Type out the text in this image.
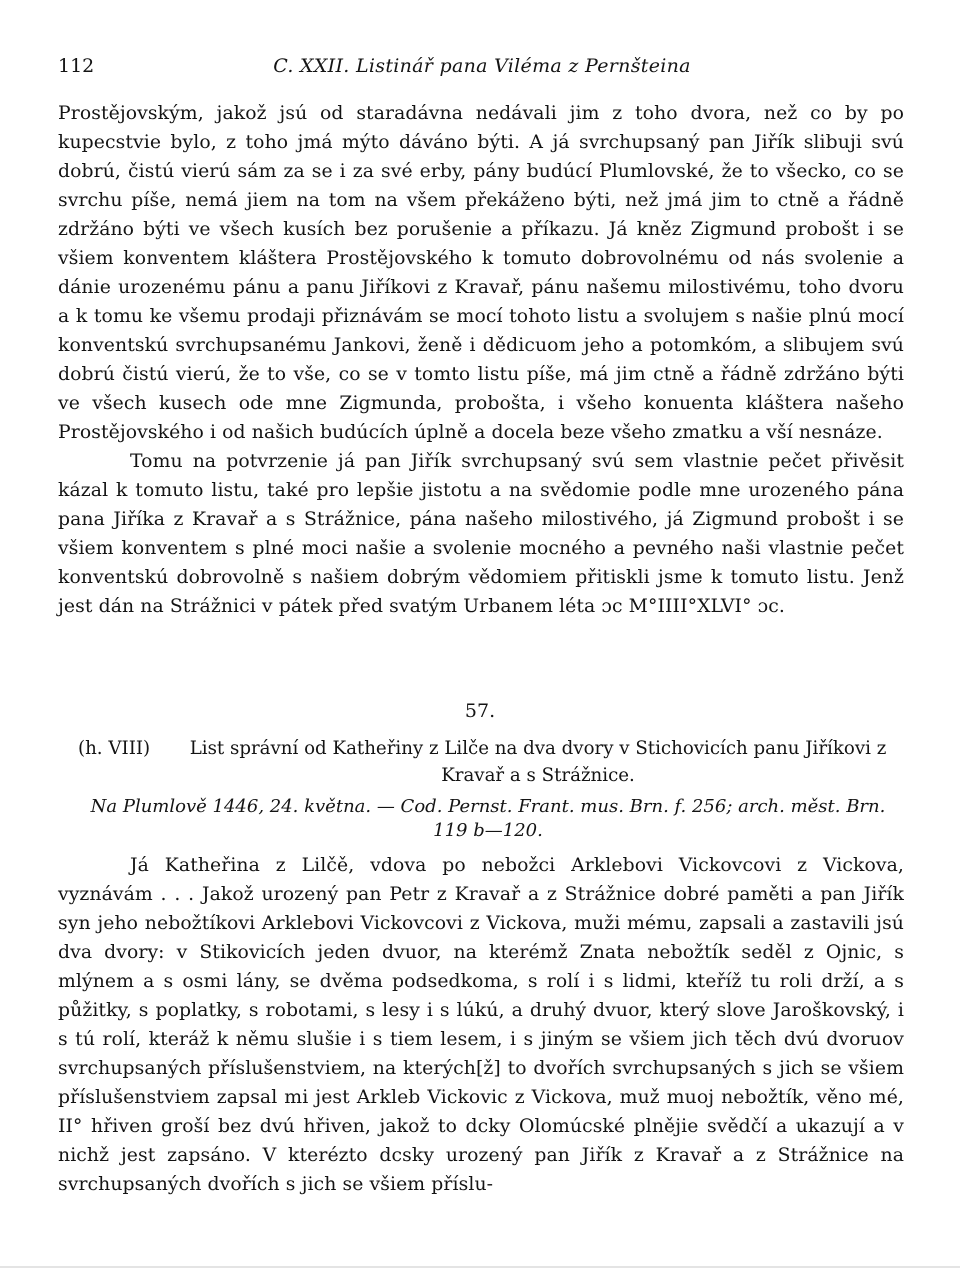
112	C. XXII. Listinář pana Viléma z Pernšteina

Prostějovským, jakož jsú od staradávna nedávali jim z toho dvora, než co by po kupecstvie bylo, z toho jmá mýto dáváno býti. A já svrchupsaný pan Jiřík slibuji svú dobrú, čistú vierú sám za se i za své erby, pány budúcí Plumlovské, že to všecko, co se svrchu píše, nemá jiem na tom na všem překáženo býti, než jmá jim to ctně a řádně zdržáno býti ve všech kusích bez porušenie a příkazu. Já kněz Zigmund probošt i se všiem konventem kláštera Prostějovského k tomuto dobrovolnému od nás svolenie a dánie urozenému pánu a panu Jiříkovi z Kravař, pánu našemu milostivému, toho dvoru a k tomu ke všemu prodaji přiznávám se mocí tohoto listu a svolujem s našie plnú mocí konventskú svrchupsanému Jankovi, ženě i dědicuom jeho a potomkóm, a slibujem svú dobrú čistú vierú, že to vše, co se v tomto listu píše, má jim ctně a řádně zdržáno býti ve všech kusech ode mne Zigmunda, probošta, i všeho konuenta kláštera našeho Prostějovského i od našich budúcích úplně a docela beze všeho zmatku a vší nesnáze.

Tomu na potvrzenie já pan Jiřík svrchupsaný svú sem vlastnie pečet přivěsit kázal k tomuto listu, také pro lepšie jistotu a na svědomie podle mne urozeného pána pana Jiříka z Kravař a s Strážnice, pána našeho milostivého, já Zigmund probošt i se všiem konventem s plné moci našie a svolenie mocného a pevného naši vlastnie pečet konventskú dobrovolně s našiem dobrým vědomiem přitiskli jsme k tomuto listu. Jenž jest dán na Strážnici v pátek před svatým Urbanem léta ɔc M°IIII°XLVI° ɔc.

57.
(h. VIII)	List správní od Katheřiny z Lilče na dva dvory v Stichovicích panu Jiříkovi z Kravař a s Strážnice.
Na Plumlově 1446, 24. května. — Cod. Pernst. Frant. mus. Brn. f. 256; arch. měst. Brn. 119 b—120.

Já Katheřina z Lilčě, vdova po nebožci Arklebovi Vickovcovi z Vickova, vyznávám . . . Jakož urozený pan Petr z Kravař a z Strážnice dobré paměti a pan Jiřík syn jeho nebožtíkovi Arklebovi Vickovcovi z Vickova, muži mému, zapsali a zastavili jsú dva dvory: v Stikovicích jeden dvuor, na kterémž Znata nebožtík seděl z Ojnic, s mlýnem a s osmi lány, se dvěma podsedkoma, s rolí i s lidmi, kteříž tu roli drží, a s půžitky, s poplatky, s robotami, s lesy i s lúkú, a druhý dvuor, který slove Jaroškovský, i s tú rolí, kteráž k němu slušie i s tiem lesem, i s jiným se všiem jich těch dvú dvoruov svrchupsaných příslušenstviem, na kterých[ž] to dvořích svrchupsaných s jich se všiem příslušenstviem zapsal mi jest Arkleb Vickovic z Vickova, muž muoj nebožtík, věno mé, II° hřiven groší bez dvú hřiven, jakož to dcky Olomúcské plnějie svědčí a ukazují a v nichž jest zapsáno. V kterézto dcsky urozený pan Jiřík z Kravař a z Strážnice na svrchupsaných dvořích s jich se všiem příslu-
